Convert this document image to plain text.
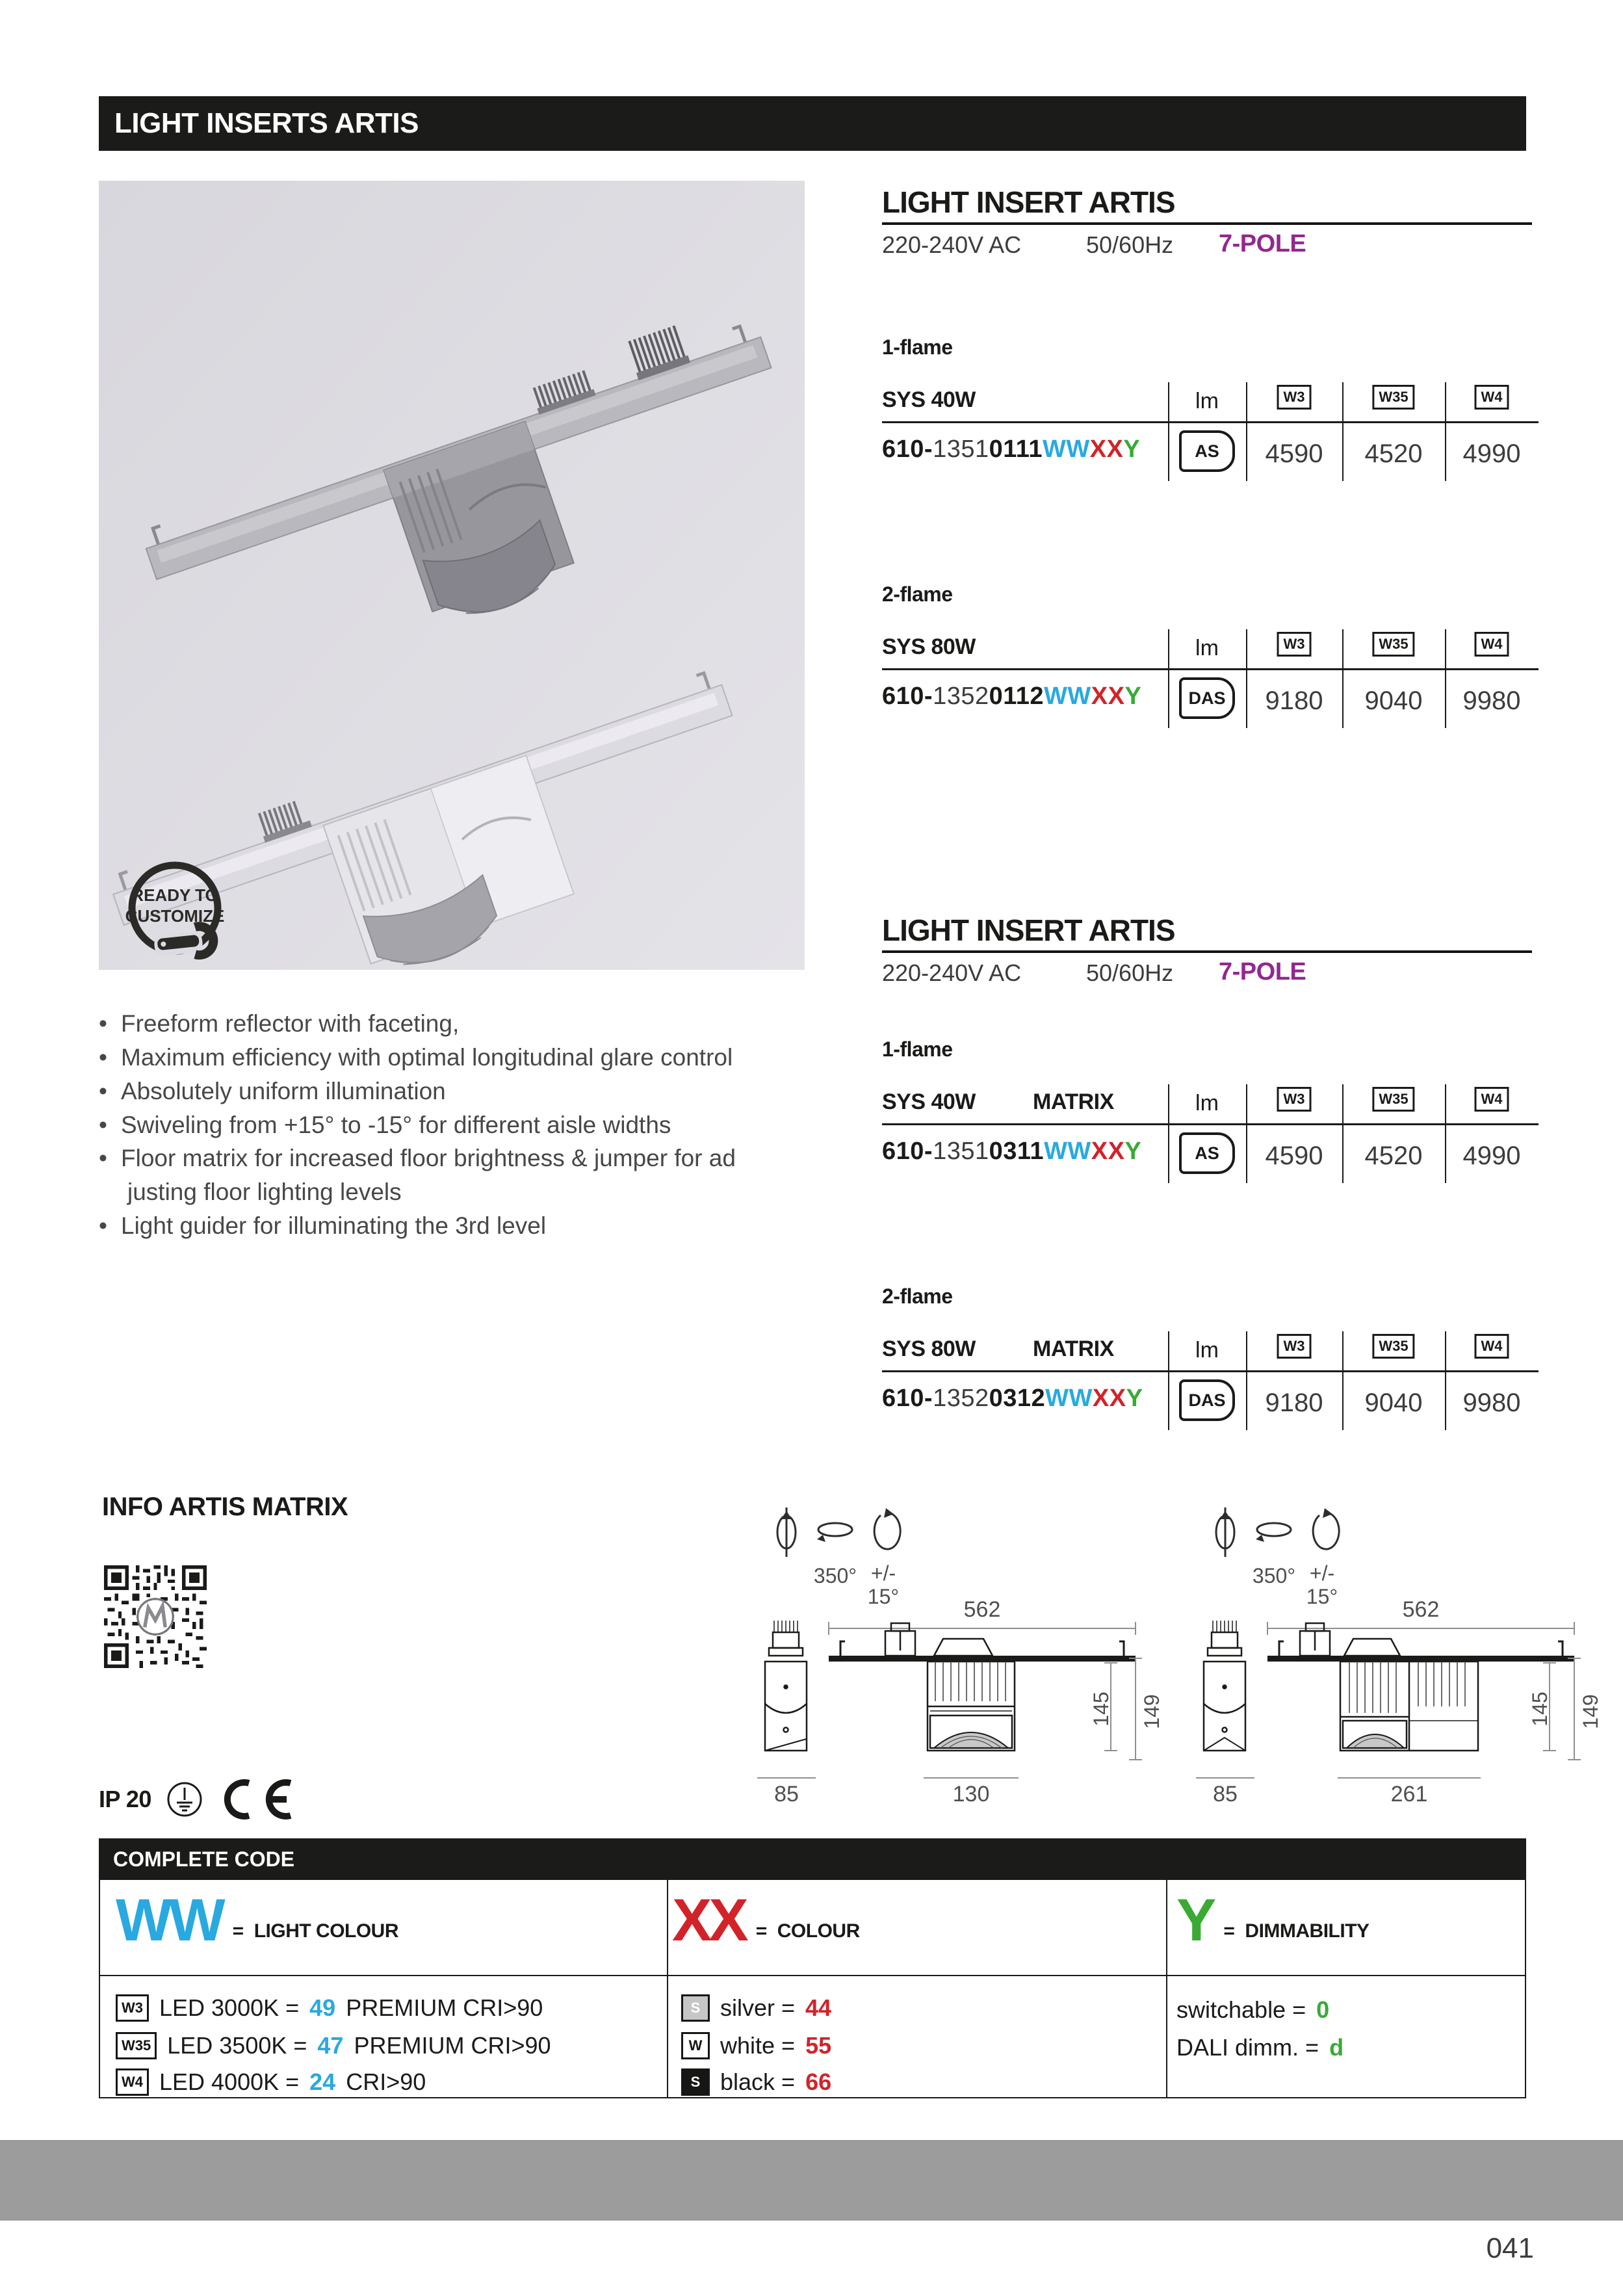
LIGHT INSERTS ARTIS
READY TO
CUSTOMIZE
LIGHT INSERT ARTIS
220-240V AC	50/60Hz 7-POLE
1-flame
SYS 40W	lm	W3	W35	W4
610-13510111WWXXY	AS 4590 4520 4990
2-flame
SYS 80W	lm	W3	W35	W4
610-13520112WWXXY	DAS 9180 9040 9980
LIGHT INSERT ARTIS
220-240V AC	50/60Hz 7-POLE
1-flame
SYS 40W	MATRIX	lm	W3	W35	W4
610-13510311WWXXY	AS 4590 4520 4990
2-flame
SYS 80W	MATRIX	lm	W3	W35	W4
610-13520312WWXXY	DAS 9180 9040 9980
• Freeform reflector with faceting,
• Maximum efficiency with optimal longitudinal glare control
• Absolutely uniform illumination
• Swiveling from +15° to -15° for different aisle widths
• Floor matrix for increased floor brightness & jumper for ad
justing floor lighting levels
• Light guider for illuminating the 3rd level
INFO ARTIS MATRIX
IP 20
350° +/-
15°
562
145 149
85	130
350° +/-
15°
562
145 149
85	261
COMPLETE CODE
WW = LIGHT COLOUR	XX = COLOUR	Y = DIMMABILITY
W3 LED 3000K = 49 PREMIUM CRI>90
W35 LED 3500K = 47 PREMIUM CRI>90
W4 LED 4000K = 24 CRI>90
S silver = 44
W white = 55
S black = 66
switchable = 0
DALI dimm. = d
041
